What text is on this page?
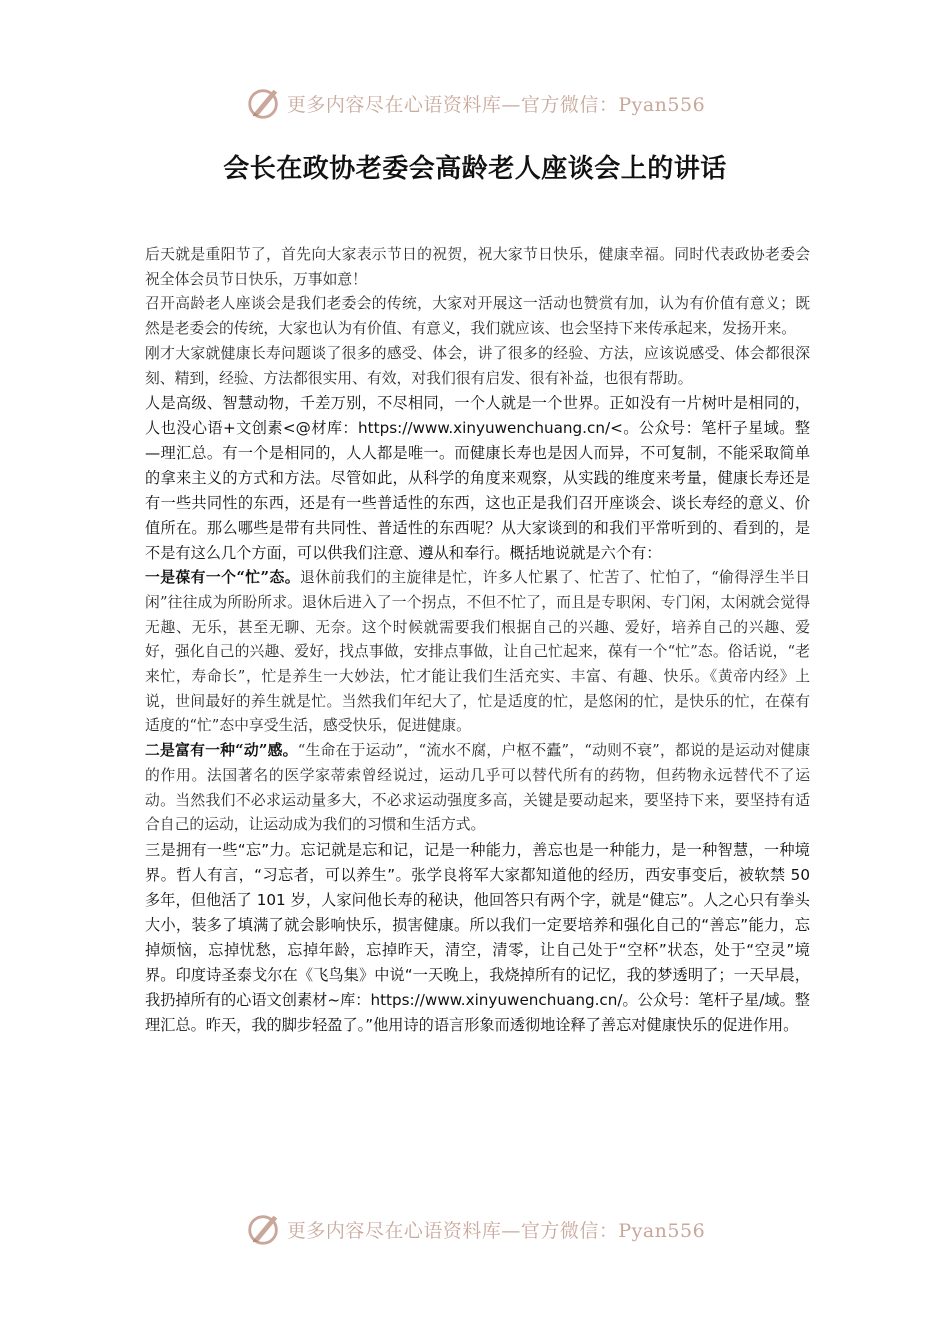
更多内容尽在心语资料库—官方微信：Pyan556
会长在政协老委会高龄老人座谈会上的讲话

后天就是重阳节了，首先向大家表示节日的祝贺，祝大家节日快乐，健康幸福。同时代表政协老委会祝全体会员节日快乐，万事如意！

召开高龄老人座谈会是我们老委会的传统，大家对开展这一活动也赞赏有加，认为有价值有意义；既然是老委会的传统，大家也认为有价值、有意义，我们就应该、也会坚持下来传承起来，发扬开来。

刚才大家就健康长寿问题谈了很多的感受、体会，讲了很多的经验、方法，应该说感受、体会都很深刻、精到，经验、方法都很实用、有效，对我们很有启发、很有补益，也很有帮助。

人是高级、智慧动物，千差万别，不尽相同，一个人就是一个世界。正如没有一片树叶是相同的，人也没心语+文创素<@材库：https://www.xinyuwenchuang.cn/<。公众号：笔杆子星域。整—理汇总。有一个是相同的，人人都是唯一。而健康长寿也是因人而异，不可复制，不能采取简单的拿来主义的方式和方法。尽管如此，从科学的角度来观察，从实践的维度来考量，健康长寿还是有一些共同性的东西，还是有一些普适性的东西，这也正是我们召开座谈会、谈长寿经的意义、价值所在。那么哪些是带有共同性、普适性的东西呢？从大家谈到的和我们平常听到的、看到的，是不是有这么几个方面，可以供我们注意、遵从和奉行。概括地说就是六个有：

一是葆有一个“忙”态。退休前我们的主旋律是忙，许多人忙累了、忙苦了、忙怕了，“偷得浮生半日闲”往往成为所盼所求。退休后进入了一个拐点，不但不忙了，而且是专职闲、专门闲，太闲就会觉得无趣、无乐，甚至无聊、无奈。这个时候就需要我们根据自己的兴趣、爱好，培养自己的兴趣、爱好，强化自己的兴趣、爱好，找点事做，安排点事做，让自己忙起来，葆有一个“忙”态。俗话说，“老来忙，寿命长”，忙是养生一大妙法，忙才能让我们生活充实、丰富、有趣、快乐。《黄帝内经》上说，世间最好的养生就是忙。当然我们年纪大了，忙是适度的忙，是悠闲的忙，是快乐的忙，在葆有适度的“忙”态中享受生活，感受快乐，促进健康。

二是富有一种“动”感。“生命在于运动”，“流水不腐，户枢不蠹”，“动则不衰”，都说的是运动对健康的作用。法国著名的医学家蒂索曾经说过，运动几乎可以替代所有的药物，但药物永远替代不了运动。当然我们不必求运动量多大，不必求运动强度多高，关键是要动起来，要坚持下来，要坚持有适合自己的运动，让运动成为我们的习惯和生活方式。

三是拥有一些“忘”力。忘记就是忘和记，记是一种能力，善忘也是一种能力，是一种智慧，一种境界。哲人有言，“习忘者，可以养生”。张学良将军大家都知道他的经历，西安事变后，被软禁 50 多年，但他活了 101 岁，人家问他长寿的秘诀，他回答只有两个字，就是“健忘”。人之心只有拳头大小，装多了填满了就会影响快乐，损害健康。所以我们一定要培养和强化自己的“善忘”能力，忘掉烦恼，忘掉忧愁，忘掉年龄，忘掉昨天，清空，清零，让自己处于“空杯”状态，处于“空灵”境界。印度诗圣泰戈尔在《飞鸟集》中说“一天晚上，我烧掉所有的记忆，我的梦透明了；一天早晨，我扔掉所有的心语文创素材~库：https://www.xinyuwenchuang.cn/。公众号：笔杆子星/域。整理汇总。昨天，我的脚步轻盈了。”他用诗的语言形象而透彻地诠释了善忘对健康快乐的促进作用。

更多内容尽在心语资料库—官方微信：Pyan556
